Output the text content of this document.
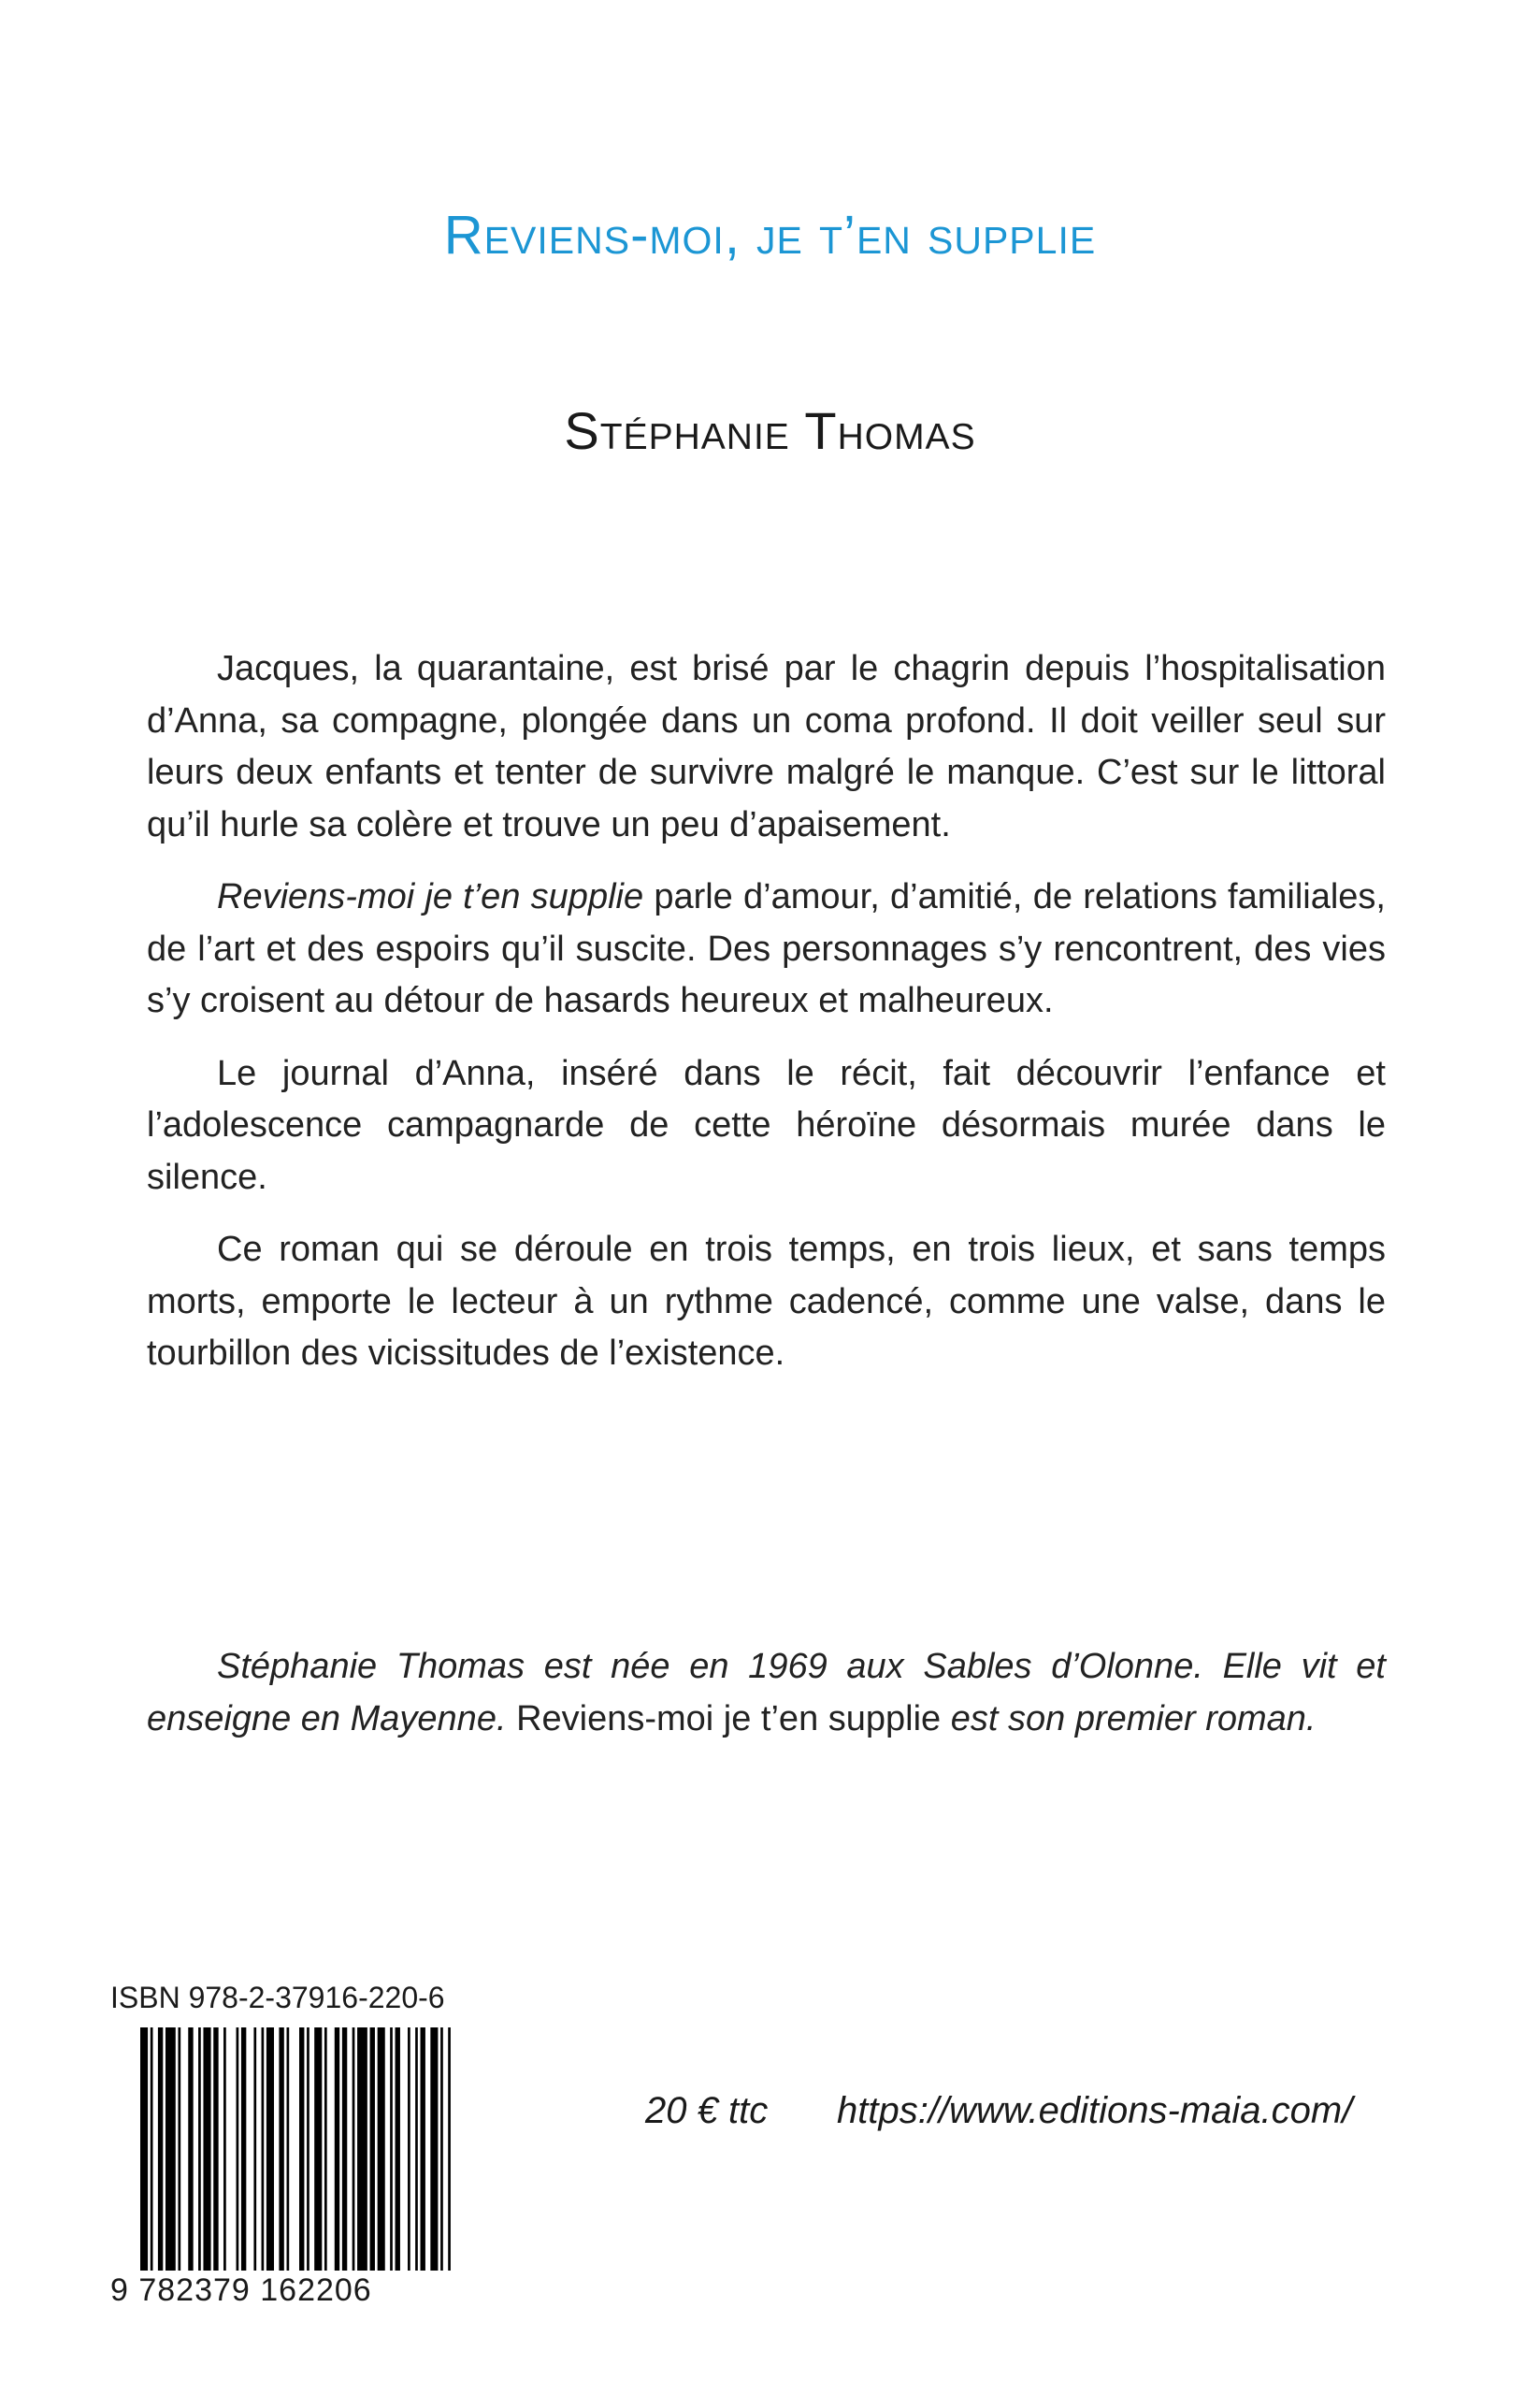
Reviens-moi, je t’en supplie
Stéphanie Thomas

Jacques, la quarantaine, est brisé par le chagrin depuis l’hospitalisation d’Anna, sa compagne, plongée dans un coma profond. Il doit veiller seul sur leurs deux enfants et tenter de survivre malgré le manque. C’est sur le littoral qu’il hurle sa colère et trouve un peu d’apaisement.

Reviens-moi je t’en supplie parle d’amour, d’amitié, de relations familiales, de l’art et des espoirs qu’il suscite. Des personnages s’y rencontrent, des vies s’y croisent au détour de hasards heureux et malheureux.

Le journal d’Anna, inséré dans le récit, fait découvrir l’enfance et l’adolescence campagnarde de cette héroïne désormais murée dans le silence.

Ce roman qui se déroule en trois temps, en trois lieux, et sans temps morts, emporte le lecteur à un rythme cadencé, comme une valse, dans le tourbillon des vicissitudes de l’existence.

Stéphanie Thomas est née en 1969 aux Sables d’Olonne. Elle vit et enseigne en Mayenne. Reviens-moi je t’en supplie est son premier roman.

ISBN 978-2-37916-220-6
9 782379 162206
20 € ttc https://www.editions-maia.com/
